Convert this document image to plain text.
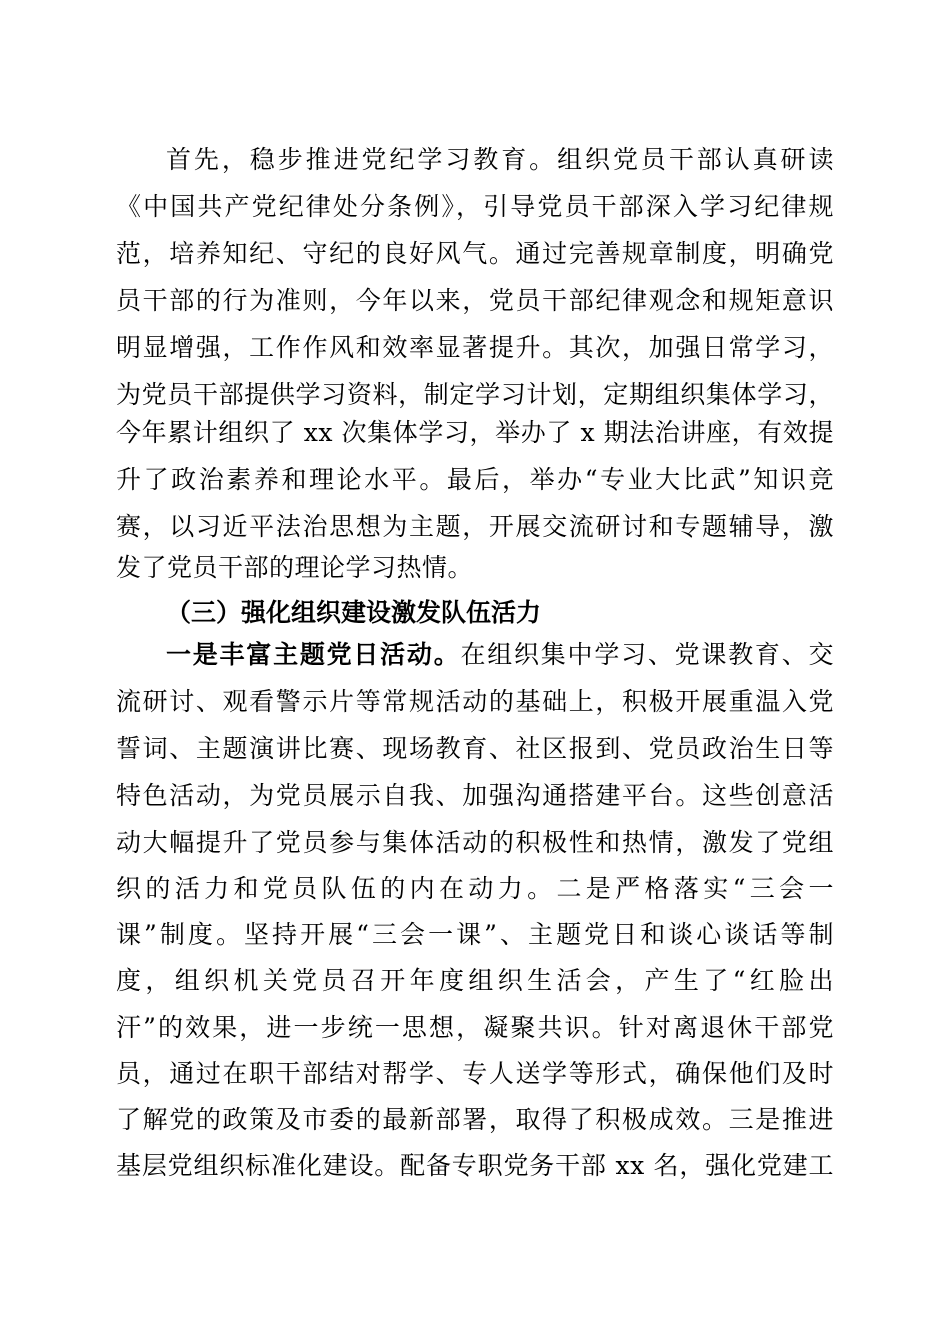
首先，稳步推进党纪学习教育。组织党员干部认真研读
《中国共产党纪律处分条例》，引导党员干部深入学习纪律规
范，培养知纪、守纪的良好风气。通过完善规章制度，明确党
员干部的行为准则，今年以来，党员干部纪律观念和规矩意识
明显增强，工作作风和效率显著提升。其次，加强日常学习，
为党员干部提供学习资料，制定学习计划，定期组织集体学习，
今年累计组织了 xx 次集体学习，举办了 x 期法治讲座，有效提
升了政治素养和理论水平。最后，举办“专业大比武”知识竞
赛，以习近平法治思想为主题，开展交流研讨和专题辅导，激
发了党员干部的理论学习热情。
（三）强化组织建设激发队伍活力
一是丰富主题党日活动。在组织集中学习、党课教育、交
流研讨、观看警示片等常规活动的基础上，积极开展重温入党
誓词、主题演讲比赛、现场教育、社区报到、党员政治生日等
特色活动，为党员展示自我、加强沟通搭建平台。这些创意活
动大幅提升了党员参与集体活动的积极性和热情，激发了党组
织的活力和党员队伍的内在动力。二是严格落实“三会一
课”制度。坚持开展“三会一课”、主题党日和谈心谈话等制
度，组织机关党员召开年度组织生活会，产生了“红脸出
汗”的效果，进一步统一思想，凝聚共识。针对离退休干部党
员，通过在职干部结对帮学、专人送学等形式，确保他们及时
了解党的政策及市委的最新部署，取得了积极成效。三是推进
基层党组织标准化建设。配备专职党务干部 xx 名，强化党建工
